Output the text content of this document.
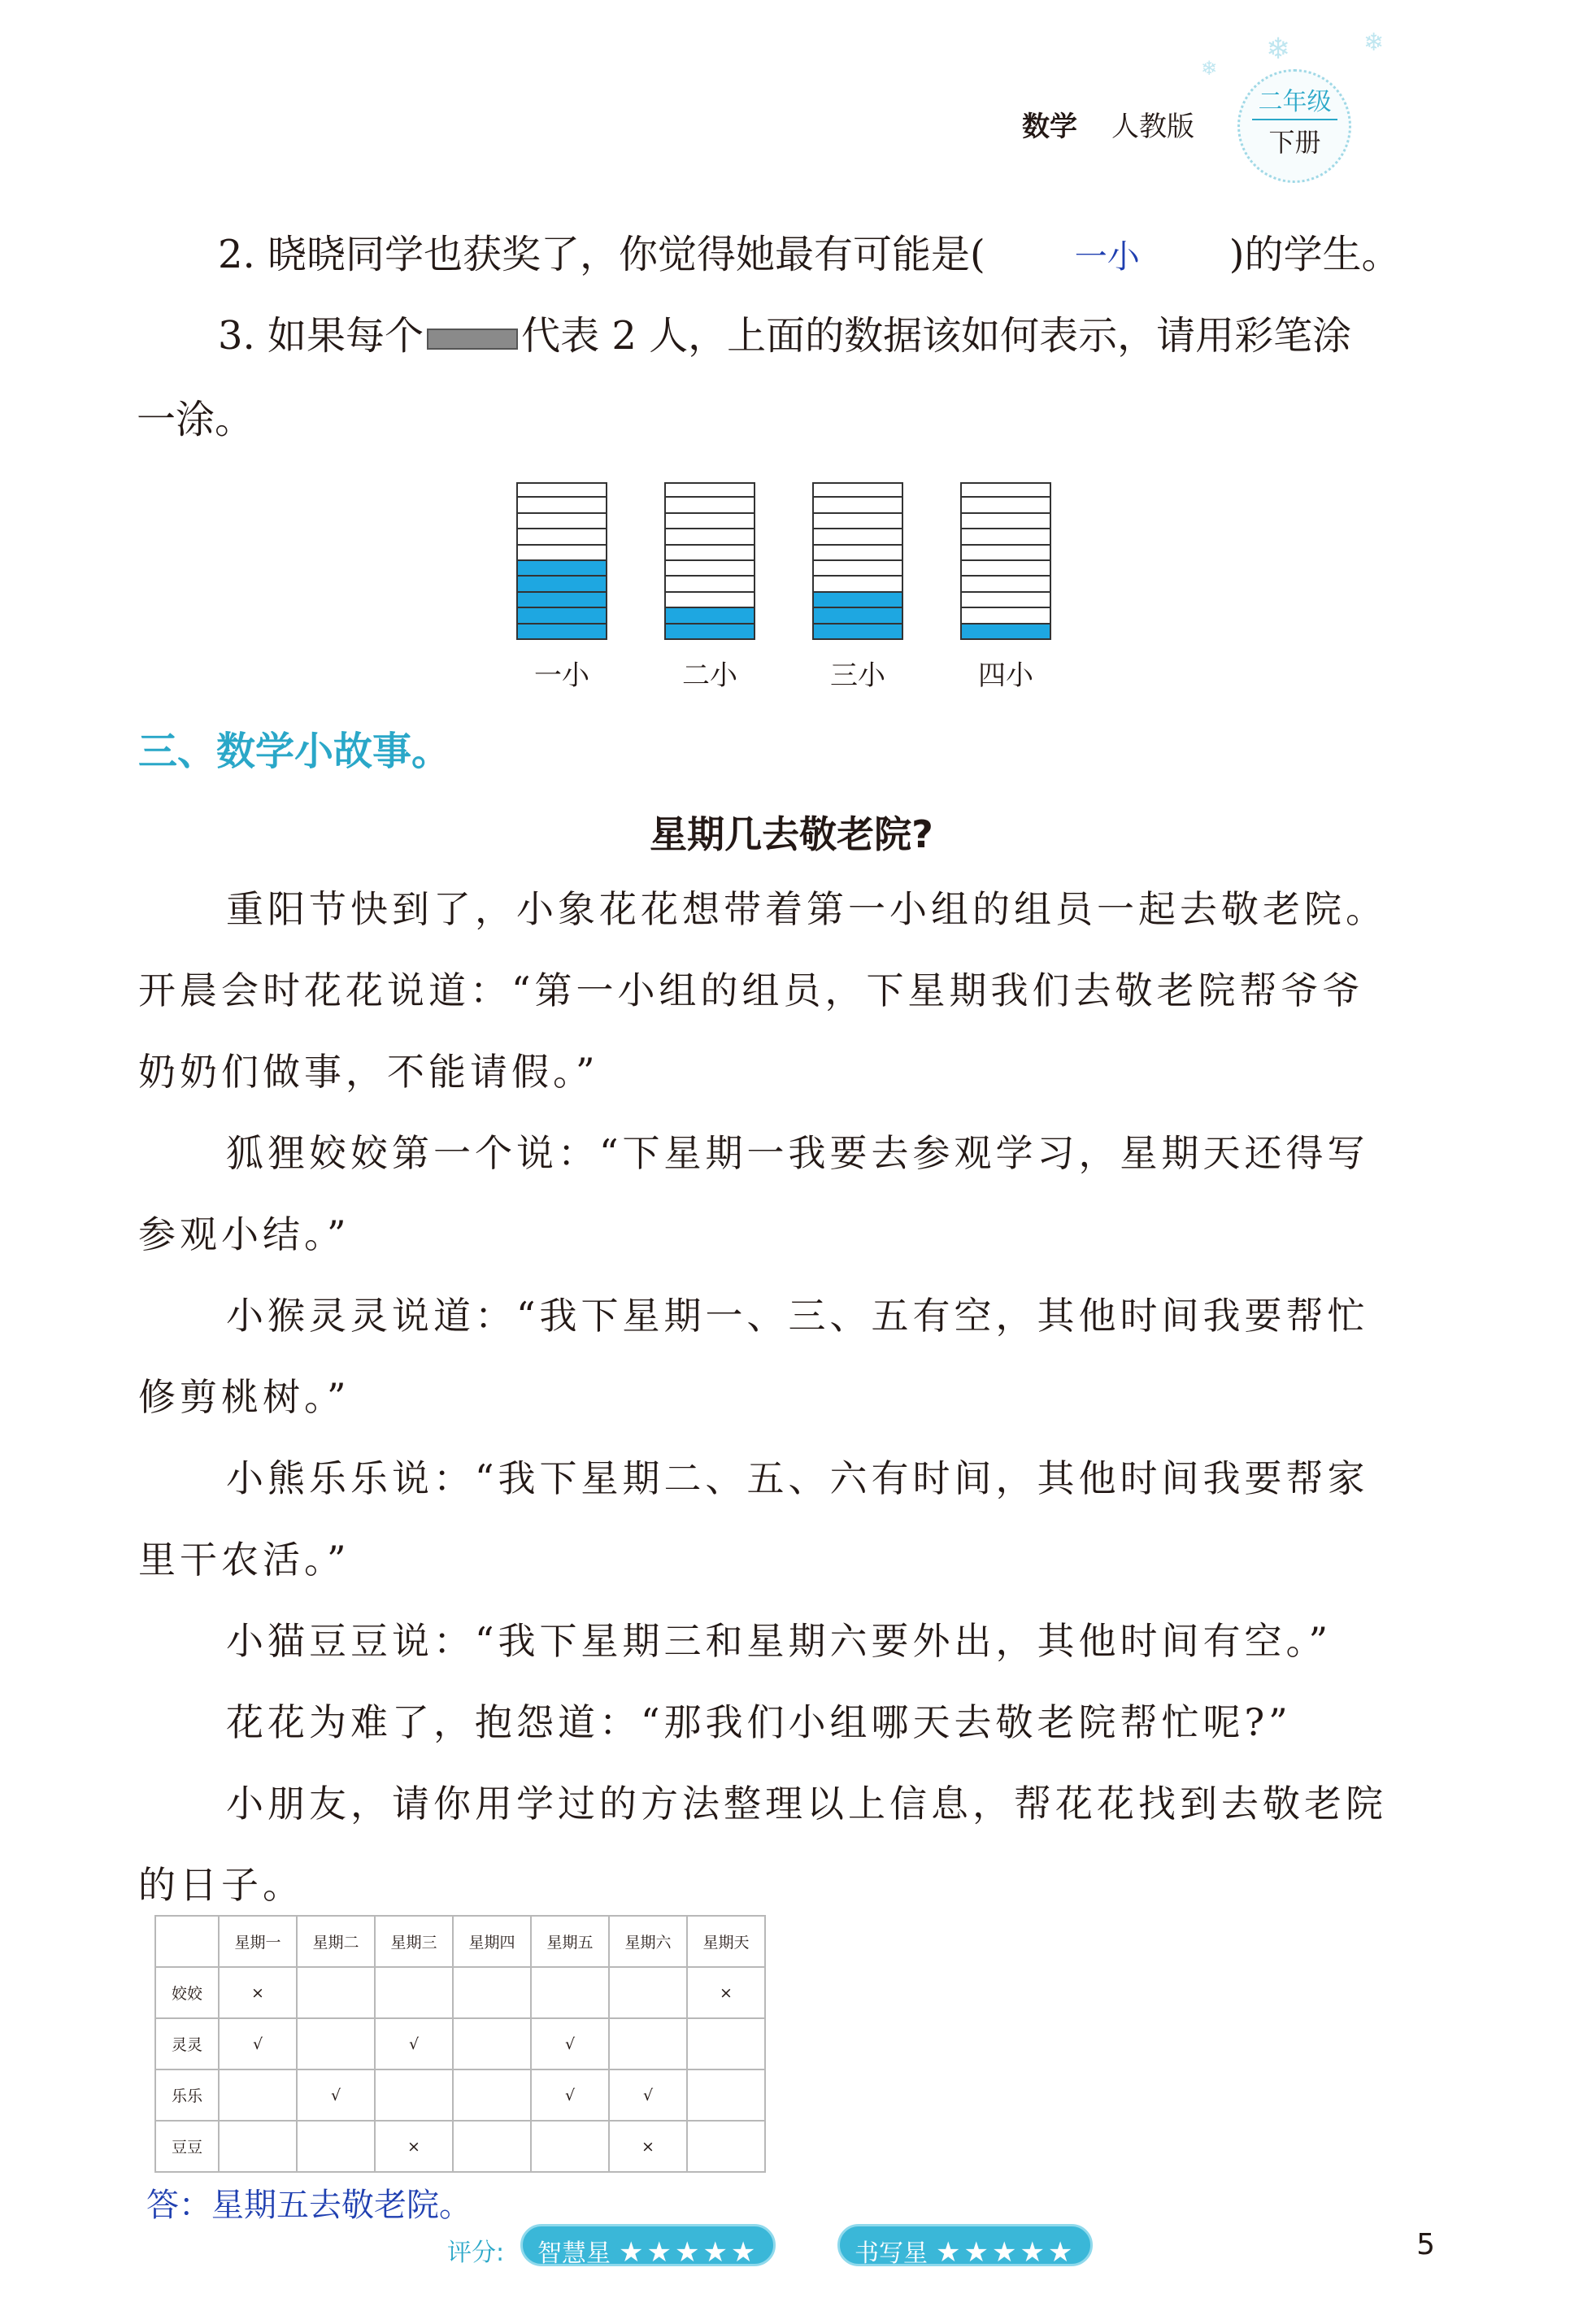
❄	❄
❄
数学 人教版
二年级
下册
2. 晓晓同学也获奖了，你觉得她最有可能是(	一小 )的学生。
3. 如果每个	代表 2 人，上面的数据该如何表示，请用彩笔涂
一涂。
一小	二小	三小	四小
三、数学小故事。
星期几去敬老院?
重阳节快到了，小象花花想带着第一小组的组员一起去敬老院。
开晨会时花花说道：“第一小组的组员，下星期我们去敬老院帮爷爷
奶奶们做事，不能请假。”
狐狸姣姣第一个说：“下星期一我要去参观学习，星期天还得写
参观小结。”
小猴灵灵说道：“我下星期一、三、五有空，其他时间我要帮忙
修剪桃树。”
小熊乐乐说：“我下星期二、五、六有时间，其他时间我要帮家
里干农活。”
小猫豆豆说：“我下星期三和星期六要外出，其他时间有空。”
花花为难了，抱怨道：“那我们小组哪天去敬老院帮忙呢?”
小朋友，请你用学过的方法整理以上信息，帮花花找到去敬老院
的日子。
	星期一	星期二	星期三	星期四	星期五	星期六	星期天
姣姣	×						×
灵灵	√		√		√		
乐乐		√			√	√	
豆豆			×			×	
答：星期五去敬老院。
评分:	智慧星 ★★★★★	书写星 ★★★★★	5
